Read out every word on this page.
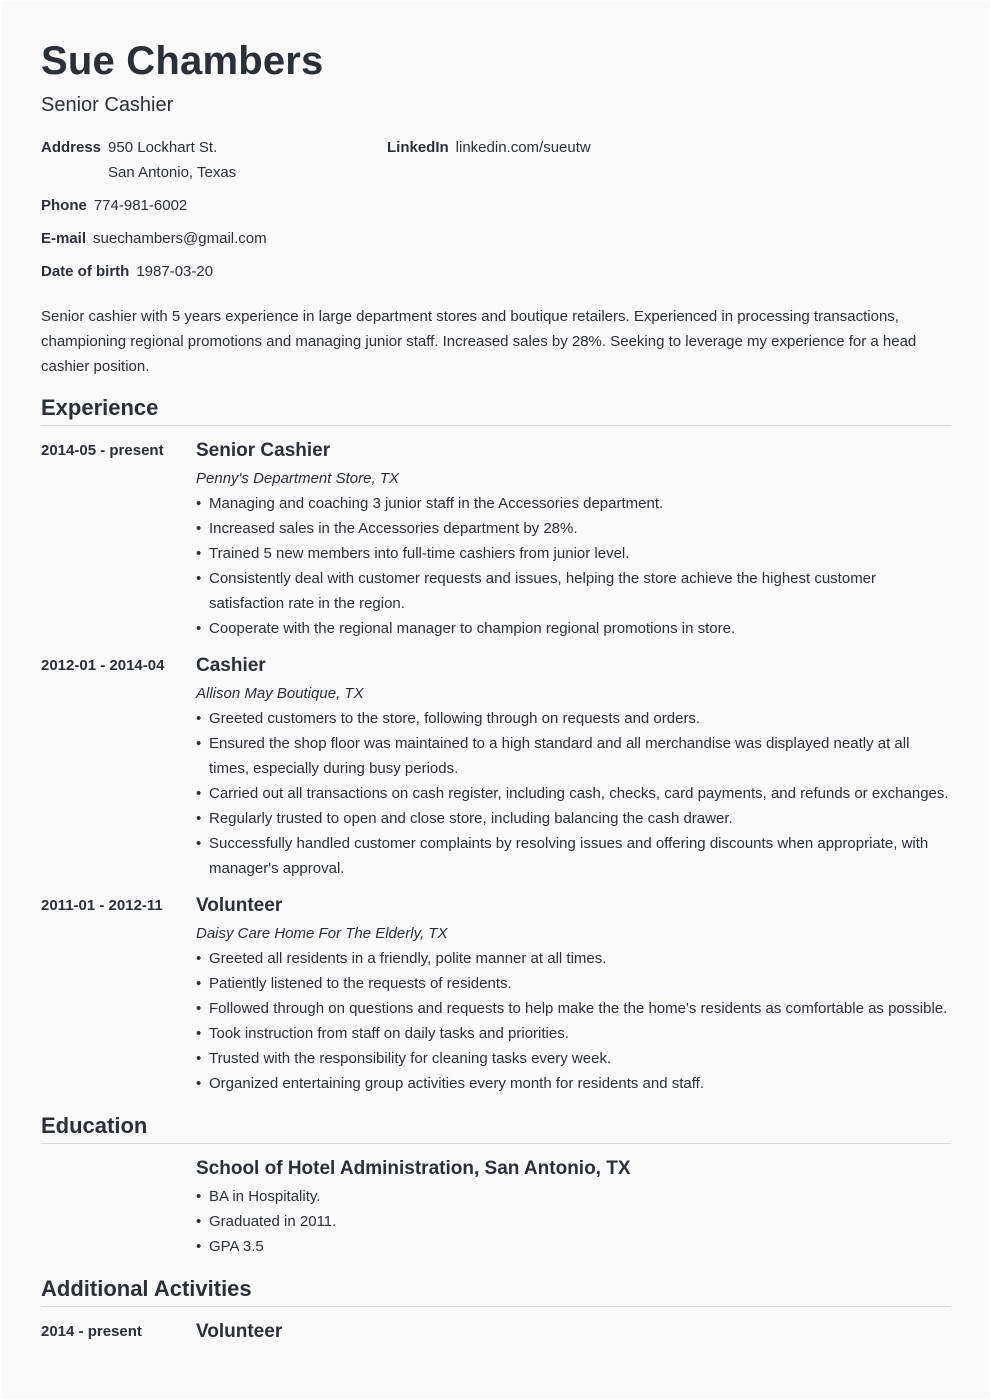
Sue Chambers
Senior Cashier
Address 950 Lockhart St.
San Antonio, Texas
LinkedIn linkedin.com/sueutw
Phone 774-981-6002
E-mail suechambers@gmail.com
Date of birth 1987-03-20

Senior cashier with 5 years experience in large department stores and boutique retailers. Experienced in processing transactions, championing regional promotions and managing junior staff. Increased sales by 28%. Seeking to leverage my experience for a head cashier position.

Experience
2014-05 - present Senior Cashier
Penny's Department Store, TX
• Managing and coaching 3 junior staff in the Accessories department.
• Increased sales in the Accessories department by 28%.
• Trained 5 new members into full-time cashiers from junior level.
• Consistently deal with customer requests and issues, helping the store achieve the highest customer satisfaction rate in the region.
• Cooperate with the regional manager to champion regional promotions in store.
2012-01 - 2014-04 Cashier
Allison May Boutique, TX
• Greeted customers to the store, following through on requests and orders.
• Ensured the shop floor was maintained to a high standard and all merchandise was displayed neatly at all times, especially during busy periods.
• Carried out all transactions on cash register, including cash, checks, card payments, and refunds or exchanges.
• Regularly trusted to open and close store, including balancing the cash drawer.
• Successfully handled customer complaints by resolving issues and offering discounts when appropriate, with manager's approval.
2011-01 - 2012-11 Volunteer
Daisy Care Home For The Elderly, TX
• Greeted all residents in a friendly, polite manner at all times.
• Patiently listened to the requests of residents.
• Followed through on questions and requests to help make the the home's residents as comfortable as possible.
• Took instruction from staff on daily tasks and priorities.
• Trusted with the responsibility for cleaning tasks every week.
• Organized entertaining group activities every month for residents and staff.
Education
School of Hotel Administration, San Antonio, TX
• BA in Hospitality.
• Graduated in 2011.
• GPA 3.5
Additional Activities
2014 - present	Volunteer
